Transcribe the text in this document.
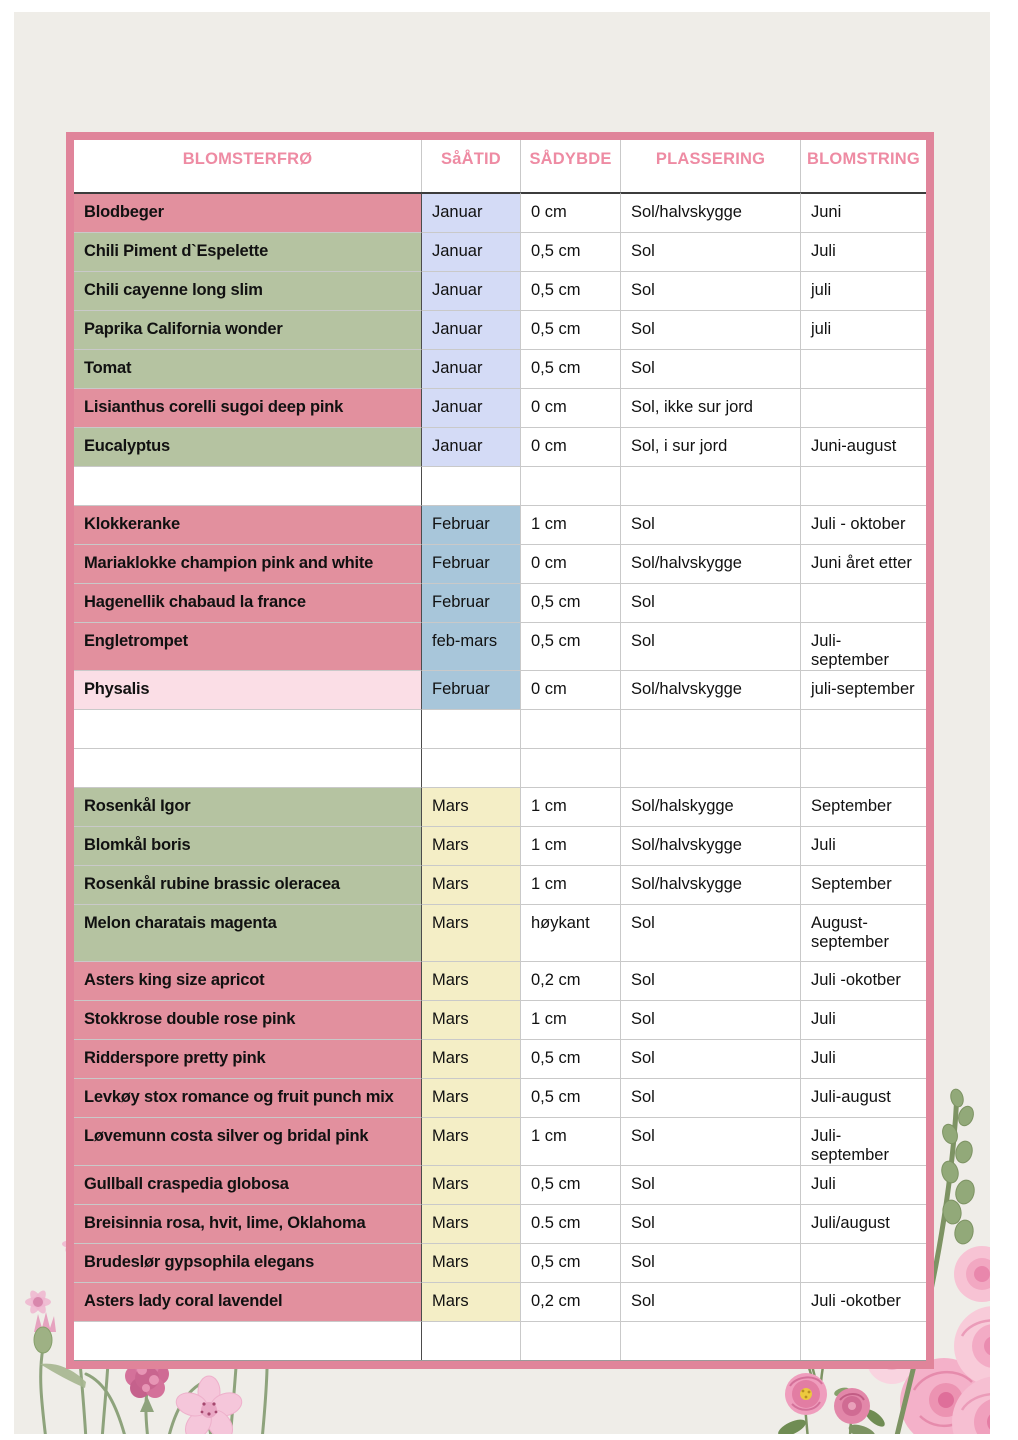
BLOMSTERFRØ	SåÅTID	SÅDYBDE	PLASSERING	BLOMSTRING
Blodbeger	Januar	0 cm	Sol/halvskygge	Juni
Chili Piment d`Espelette	Januar	0,5 cm	Sol	Juli
Chili cayenne long slim	Januar	0,5 cm	Sol	juli
Paprika California wonder	Januar	0,5 cm	Sol	juli
Tomat	Januar	0,5 cm	Sol
Lisianthus corelli sugoi deep pink	Januar	0 cm	Sol, ikke sur jord
Eucalyptus	Januar	0 cm	Sol, i sur jord	Juni-august
Klokkeranke	Februar	1 cm	Sol	Juli - oktober
Mariaklokke champion pink and white	Februar	0 cm	Sol/halvskygge	Juni året etter
Hagenellik chabaud la france	Februar	0,5 cm	Sol
Engletrompet	feb-mars	0,5 cm	Sol	Juli-september
Physalis	Februar	0 cm	Sol/halvskygge	juli-september
Rosenkål Igor	Mars	1 cm	Sol/halskygge	September
Blomkål boris	Mars	1 cm	Sol/halvskygge	Juli
Rosenkål rubine brassic oleracea	Mars	1 cm	Sol/halvskygge	September
Melon charatais magenta	Mars	høykant	Sol	August-september
Asters king size apricot	Mars	0,2 cm	Sol	Juli -okotber
Stokkrose double rose pink	Mars	1 cm	Sol	Juli
Ridderspore pretty pink	Mars	0,5 cm	Sol	Juli
Levkøy stox romance og fruit punch mix	Mars	0,5 cm	Sol	Juli-august
Løvemunn costa silver og bridal pink	Mars	1 cm	Sol	Juli-september
Gullball craspedia globosa	Mars	0,5 cm	Sol	Juli
Breisinnia rosa, hvit, lime, Oklahoma	Mars	0.5 cm	Sol	Juli/august
Brudeslør gypsophila elegans	Mars	0,5 cm	Sol
Asters lady coral lavendel	Mars	0,2 cm	Sol	Juli -okotber
